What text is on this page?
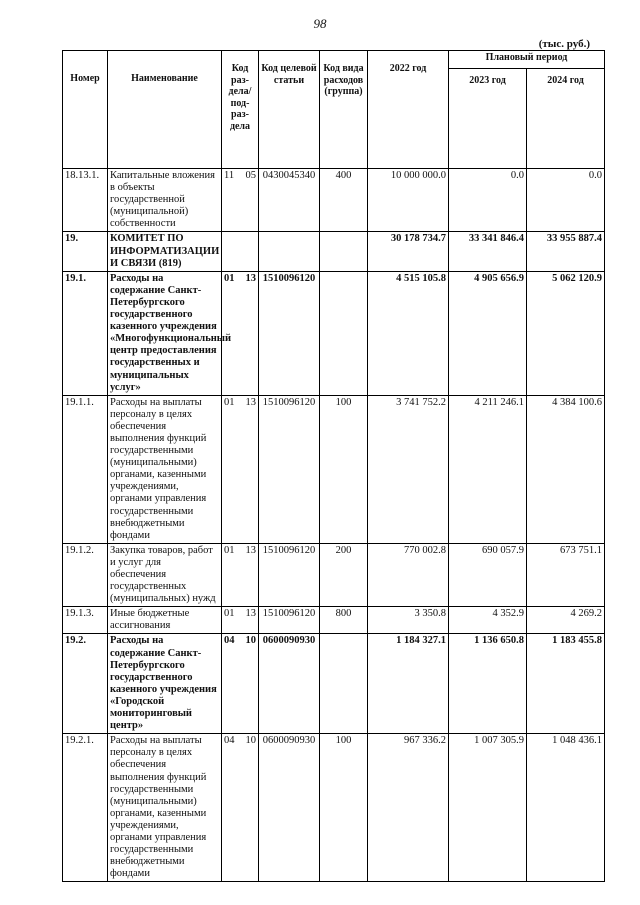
98
(тыс. руб.)
Номер	Наименование	Код раз-дела/ под-раз-дела	Код целевой статьи	Код вида расходов (группа)	2022 год	Плановый период	
						2023 год	2024 год
18.13.1.	Капитальные вложения в объекты государственной (муниципальной) собственности	11 05	0430045340	400	10 000 000.0	0.0	0.0
19.	КОМИТЕТ ПО ИНФОРМАТИЗАЦИИ И СВЯЗИ (819)				30 178 734.7	33 341 846.4	33 955 887.4
19.1.	Расходы на содержание Санкт-Петербургского государственного казенного учреждения «Многофункциональный центр предоставления государственных и муниципальных услуг»	01 13	1510096120		4 515 105.8	4 905 656.9	5 062 120.9
19.1.1.	Расходы на выплаты персоналу в целях обеспечения выполнения функций государственными (муниципальными) органами, казенными учреждениями, органами управления государственными внебюджетными фондами	01 13	1510096120	100	3 741 752.2	4 211 246.1	4 384 100.6
19.1.2.	Закупка товаров, работ и услуг для обеспечения государственных (муниципальных) нужд	01 13	1510096120	200	770 002.8	690 057.9	673 751.1
19.1.3.	Иные бюджетные ассигнования	01 13	1510096120	800	3 350.8	4 352.9	4 269.2
19.2.	Расходы на содержание Санкт-Петербургского государственного казенного учреждения «Городской мониторинговый центр»	04 10	0600090930		1 184 327.1	1 136 650.8	1 183 455.8
19.2.1.	Расходы на выплаты персоналу в целях обеспечения выполнения функций государственными (муниципальными) органами, казенными учреждениями, органами управления государственными внебюджетными фондами	04 10	0600090930	100	967 336.2	1 007 305.9	1 048 436.1
